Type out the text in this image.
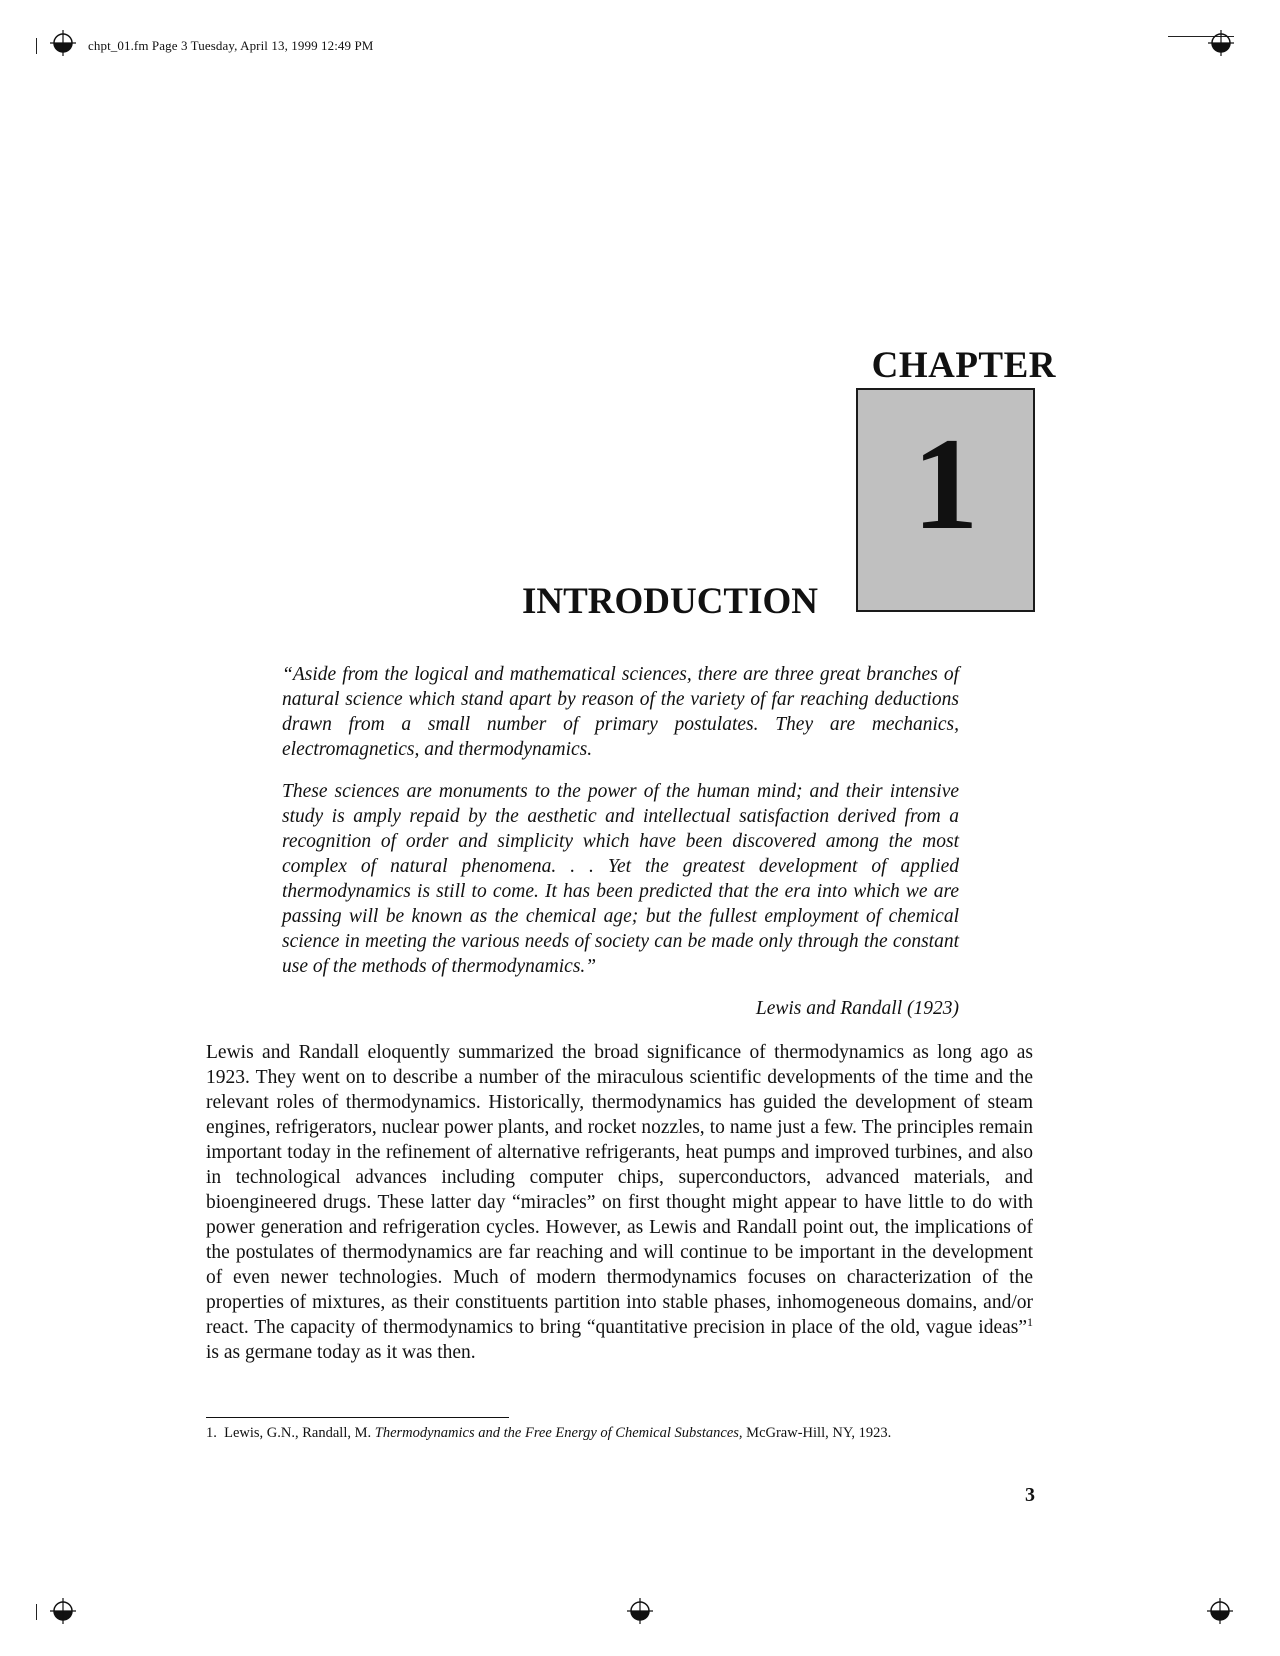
chpt_01.fm Page 3 Tuesday, April 13, 1999 12:49 PM
CHAPTER
1
INTRODUCTION
“Aside from the logical and mathematical sciences, there are three great branches of natural science which stand apart by reason of the variety of far reaching deductions drawn from a small number of primary postulates. They are mechanics, electromagnetics, and thermodynamics.
These sciences are monuments to the power of the human mind; and their intensive study is amply repaid by the aesthetic and intellectual satisfaction derived from a recognition of order and simplicity which have been discovered among the most complex of natural phenomena. . . Yet the greatest development of applied thermodynamics is still to come. It has been predicted that the era into which we are passing will be known as the chemical age; but the fullest employment of chemical science in meeting the various needs of society can be made only through the constant use of the methods of thermodynamics.”
Lewis and Randall (1923)

Lewis and Randall eloquently summarized the broad significance of thermodynamics as long ago as 1923. They went on to describe a number of the miraculous scientific developments of the time and the relevant roles of thermodynamics. Historically, thermodynamics has guided the development of steam engines, refrigerators, nuclear power plants, and rocket nozzles, to name just a few. The principles remain important today in the refinement of alternative refrigerants, heat pumps and improved turbines, and also in technological advances including computer chips, superconductors, advanced materials, and bioengineered drugs. These latter day “miracles” on first thought might appear to have little to do with power generation and refrigeration cycles. However, as Lewis and Randall point out, the implications of the postulates of thermodynamics are far reaching and will continue to be important in the development of even newer technologies. Much of modern thermodynamics focuses on characterization of the properties of mixtures, as their constituents partition into stable phases, inhomogeneous domains, and/or react. The capacity of thermodynamics to bring “quantitative precision in place of the old, vague ideas”$^1$ is as germane today as it was then.

1. Lewis, G.N., Randall, M. Thermodynamics and the Free Energy of Chemical Substances, McGraw-Hill, NY, 1923.
3
